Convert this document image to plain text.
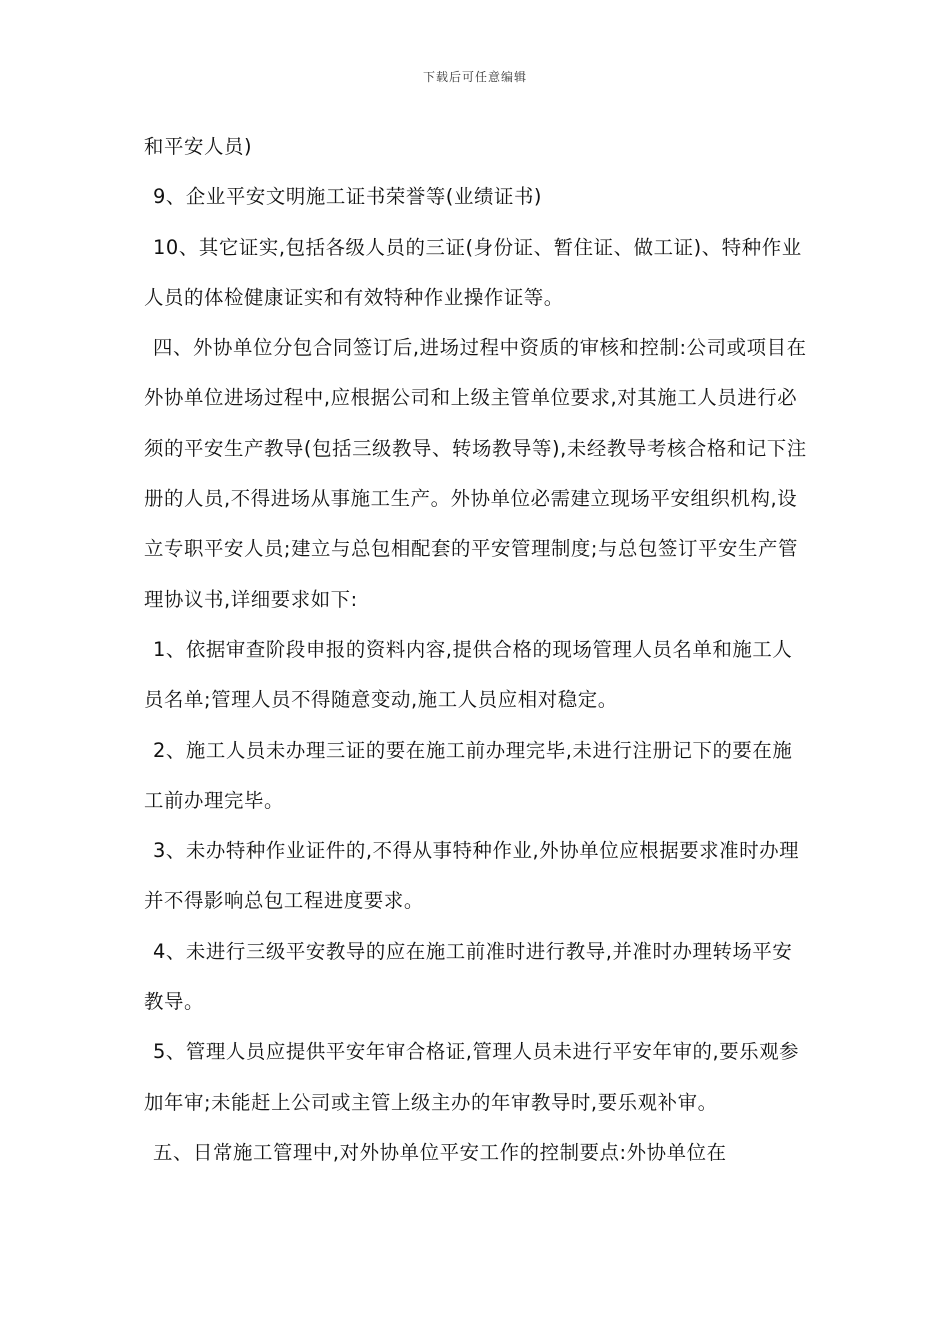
下载后可任意编辑

和平安人员)

9、企业平安文明施工证书荣誉等(业绩证书)

10、其它证实,包括各级人员的三证(身份证、暂住证、做工证)、特种作业人员的体检健康证实和有效特种作业操作证等。

四、外协单位分包合同签订后,进场过程中资质的审核和控制:公司或项目在外协单位进场过程中,应根据公司和上级主管单位要求,对其施工人员进行必须的平安生产教导(包括三级教导、转场教导等),未经教导考核合格和记下注册的人员,不得进场从事施工生产。外协单位必需建立现场平安组织机构,设立专职平安人员;建立与总包相配套的平安管理制度;与总包签订平安生产管理协议书,详细要求如下:

1、依据审查阶段申报的资料内容,提供合格的现场管理人员名单和施工人员名单;管理人员不得随意变动,施工人员应相对稳定。

2、施工人员未办理三证的要在施工前办理完毕,未进行注册记下的要在施工前办理完毕。

3、未办特种作业证件的,不得从事特种作业,外协单位应根据要求准时办理并不得影响总包工程进度要求。

4、未进行三级平安教导的应在施工前准时进行教导,并准时办理转场平安教导。

5、管理人员应提供平安年审合格证,管理人员未进行平安年审的,要乐观参加年审;未能赶上公司或主管上级主办的年审教导时,要乐观补审。

五、日常施工管理中,对外协单位平安工作的控制要点:外协单位在
